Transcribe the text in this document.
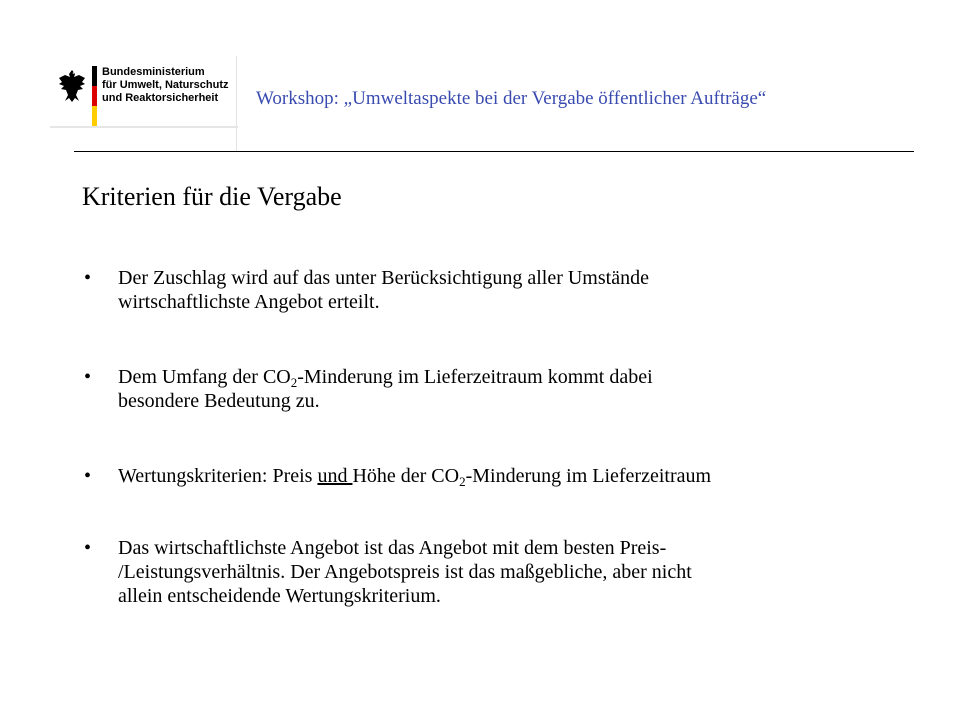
Bundesministerium
für Umwelt, Naturschutz
und Reaktorsicherheit	Workshop: „Umweltaspekte bei der Vergabe öffentlicher Aufträge“
Kriterien für die Vergabe
• Der Zuschlag wird auf das unter Berücksichtigung aller Umstände
wirtschaftlichste Angebot erteilt.
• Dem Umfang der $CO_2$-Minderung im Lieferzeitraum kommt dabei
besondere Bedeutung zu.
• Wertungskriterien: Preis und Höhe der $CO_2$-Minderung im Lieferzeitraum
• Das wirtschaftlichste Angebot ist das Angebot mit dem besten Preis-
/Leistungsverhältnis. Der Angebotspreis ist das maßgebliche, aber nicht
allein entscheidende Wertungskriterium.
